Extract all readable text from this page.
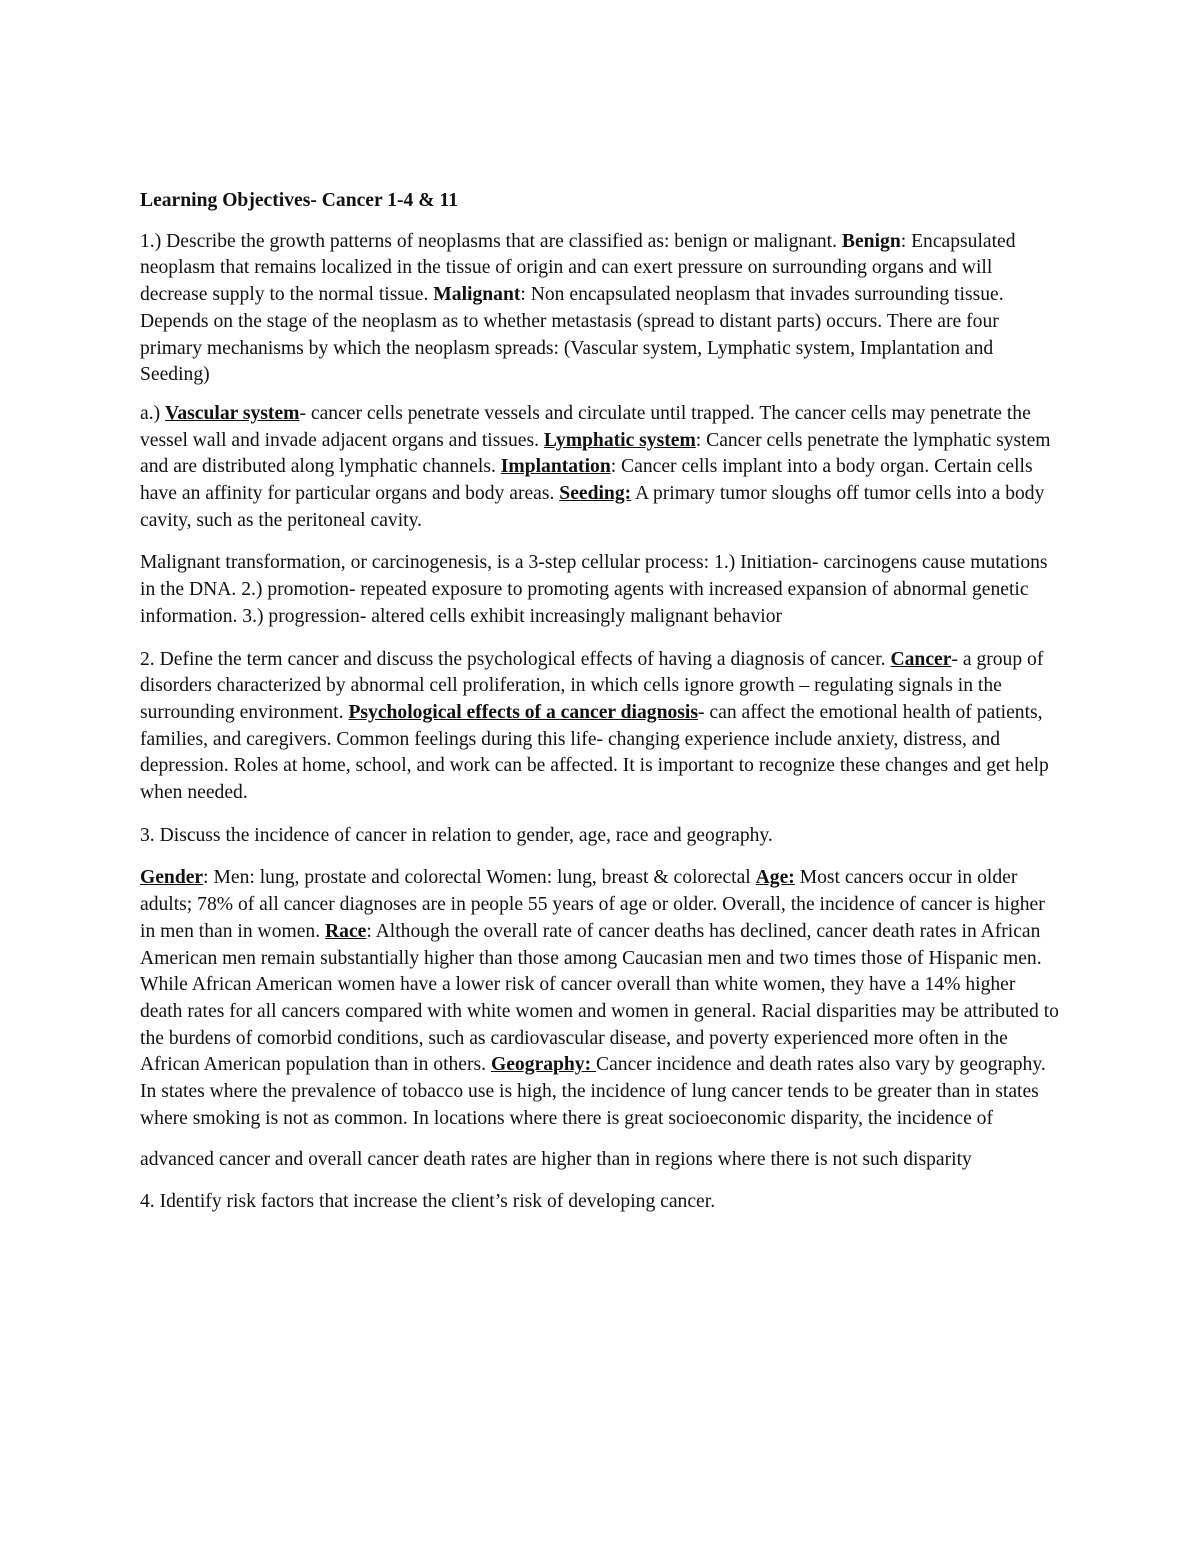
Learning Objectives- Cancer 1-4 & 11

1.) Describe the growth patterns of neoplasms that are classified as: benign or malignant. Benign: Encapsulated neoplasm that remains localized in the tissue of origin and can exert pressure on surrounding organs and will decrease supply to the normal tissue. Malignant: Non encapsulated neoplasm that invades surrounding tissue. Depends on the stage of the neoplasm as to whether metastasis (spread to distant parts) occurs. There are four primary mechanisms by which the neoplasm spreads: (Vascular system, Lymphatic system, Implantation and Seeding)

a.) Vascular system- cancer cells penetrate vessels and circulate until trapped. The cancer cells may penetrate the vessel wall and invade adjacent organs and tissues. Lymphatic system: Cancer cells penetrate the lymphatic system and are distributed along lymphatic channels. Implantation: Cancer cells implant into a body organ. Certain cells have an affinity for particular organs and body areas. Seeding: A primary tumor sloughs off tumor cells into a body cavity, such as the peritoneal cavity.

Malignant transformation, or carcinogenesis, is a 3-step cellular process: 1.) Initiation- carcinogens cause mutations in the DNA. 2.) promotion- repeated exposure to promoting agents with increased expansion of abnormal genetic information. 3.) progression- altered cells exhibit increasingly malignant behavior

2. Define the term cancer and discuss the psychological effects of having a diagnosis of cancer. Cancer- a group of disorders characterized by abnormal cell proliferation, in which cells ignore growth – regulating signals in the surrounding environment. Psychological effects of a cancer diagnosis- can affect the emotional health of patients, families, and caregivers. Common feelings during this life- changing experience include anxiety, distress, and depression. Roles at home, school, and work can be affected. It is important to recognize these changes and get help when needed.

3. Discuss the incidence of cancer in relation to gender, age, race and geography.

Gender: Men: lung, prostate and colorectal Women: lung, breast & colorectal Age: Most cancers occur in older adults; 78% of all cancer diagnoses are in people 55 years of age or older. Overall, the incidence of cancer is higher in men than in women. Race: Although the overall rate of cancer deaths has declined, cancer death rates in African American men remain substantially higher than those among Caucasian men and two times those of Hispanic men. While African American women have a lower risk of cancer overall than white women, they have a 14% higher death rates for all cancers compared with white women and women in general. Racial disparities may be attributed to the burdens of comorbid conditions, such as cardiovascular disease, and poverty experienced more often in the African American population than in others. Geography: Cancer incidence and death rates also vary by geography. In states where the prevalence of tobacco use is high, the incidence of lung cancer tends to be greater than in states where smoking is not as common. In locations where there is great socioeconomic disparity, the incidence of

advanced cancer and overall cancer death rates are higher than in regions where there is not such disparity

4. Identify risk factors that increase the client’s risk of developing cancer.
